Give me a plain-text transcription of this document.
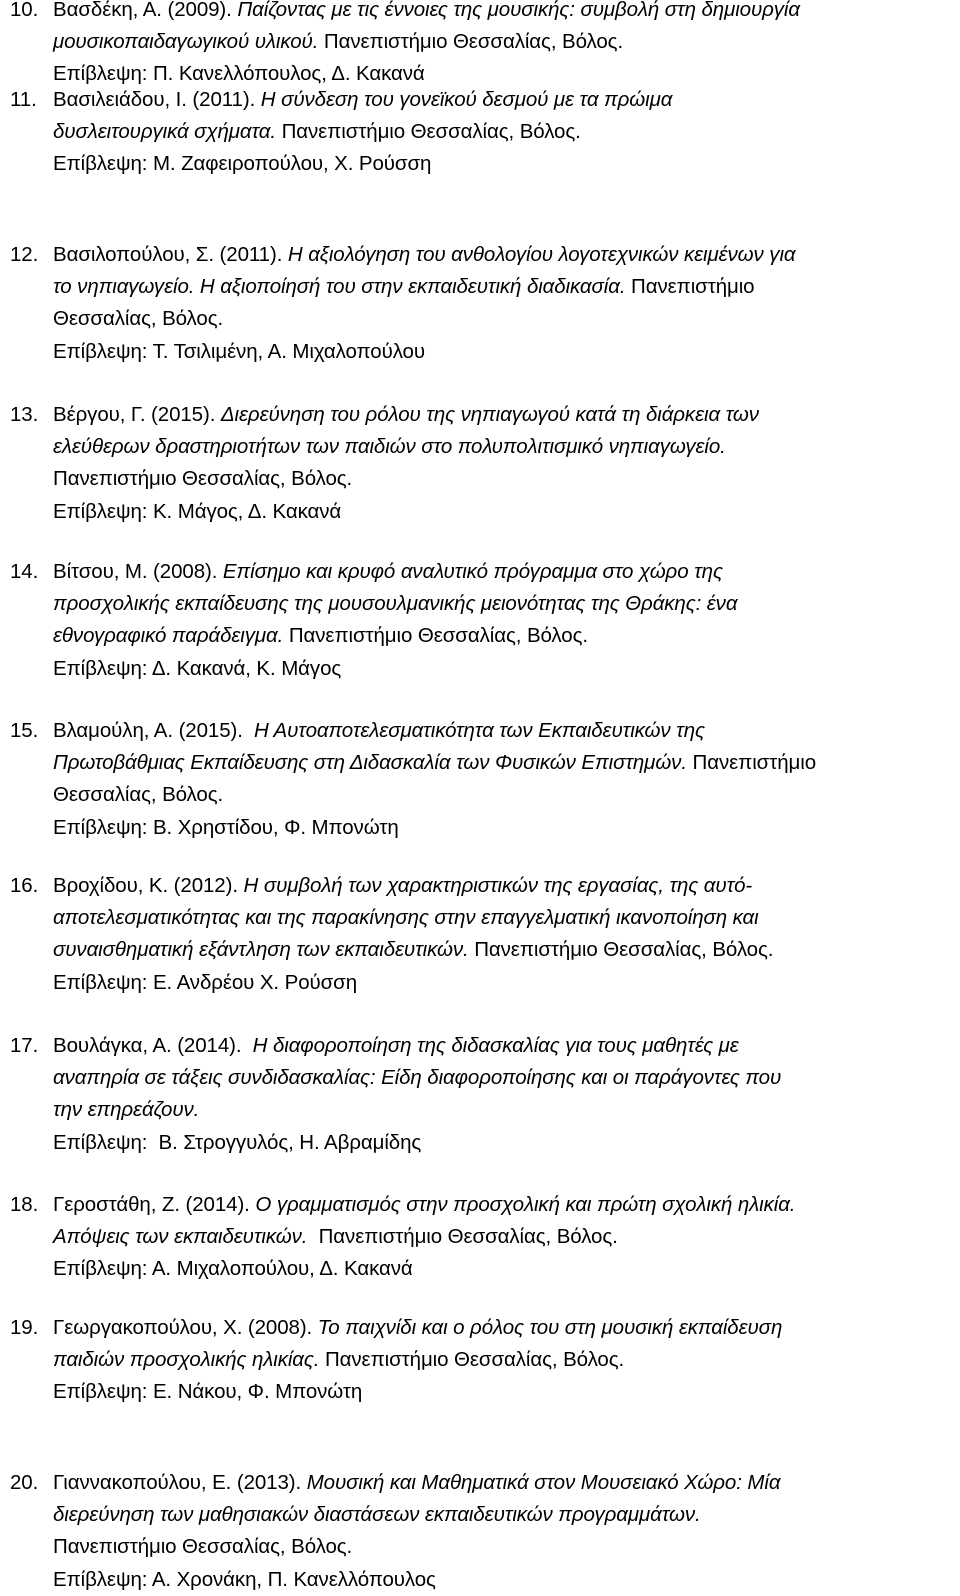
10. Βασδέκη, Α. (2009). Παίζοντας με τις έννοιες της μουσικής: συμβολή στη δημιουργία
μουσικοπαιδαγωγικού υλικού. Πανεπιστήμιο Θεσσαλίας, Βόλος.
Επίβλεψη: Π. Κανελλόπουλος, Δ. Κακανά
11. Βασιλειάδου, Ι. (2011). Η σύνδεση του γονεϊκού δεσμού με τα πρώιμα
δυσλειτουργικά σχήματα. Πανεπιστήμιο Θεσσαλίας, Βόλος.
Επίβλεψη: Μ. Ζαφειροπούλου, Χ. Ρούσση
12. Βασιλοπούλου, Σ. (2011). Η αξιολόγηση του ανθολογίου λογοτεχνικών κειμένων για
το νηπιαγωγείο. Η αξιοποίησή του στην εκπαιδευτική διαδικασία. Πανεπιστήμιο
Θεσσαλίας, Βόλος.
Επίβλεψη: Τ. Τσιλιμένη, Α. Μιχαλοπούλου
13. Βέργου, Γ. (2015). Διερεύνηση του ρόλου της νηπιαγωγού κατά τη διάρκεια των
ελεύθερων δραστηριοτήτων των παιδιών στο πολυπολιτισμικό νηπιαγωγείο.
Πανεπιστήμιο Θεσσαλίας, Βόλος.
Επίβλεψη: Κ. Μάγος, Δ. Κακανά
14. Βίτσου, Μ. (2008). Επίσημο και κρυφό αναλυτικό πρόγραμμα στο χώρο της
προσχολικής εκπαίδευσης της μουσουλμανικής μειονότητας της Θράκης: ένα
εθνογραφικό παράδειγμα. Πανεπιστήμιο Θεσσαλίας, Βόλος.
Επίβλεψη: Δ. Κακανά, Κ. Μάγος
15. Βλαμούλη, Α. (2015).  Η Αυτοαποτελεσματικότητα των Εκπαιδευτικών της
Πρωτοβάθμιας Εκπαίδευσης στη Διδασκαλία των Φυσικών Επιστημών. Πανεπιστήμιο
Θεσσαλίας, Βόλος.
Επίβλεψη: Β. Χρηστίδου, Φ. Μπονώτη
16. Βροχίδου, Κ. (2012). Η συμβολή των χαρακτηριστικών της εργασίας, της αυτό-
αποτελεσματικότητας και της παρακίνησης στην επαγγελματική ικανοποίηση και
συναισθηματική εξάντληση των εκπαιδευτικών. Πανεπιστήμιο Θεσσαλίας, Βόλος.
Επίβλεψη: Ε. Ανδρέου Χ. Ρούσση
17. Βουλάγκα, Α. (2014).  Η διαφοροποίηση της διδασκαλίας για τους μαθητές με
αναπηρία σε τάξεις συνδιδασκαλίας: Είδη διαφοροποίησης και οι παράγοντες που
την επηρεάζουν.
Επίβλεψη:  Β. Στρογγυλός, Η. Αβραμίδης
18. Γεροστάθη, Ζ. (2014). Ο γραμματισμός στην προσχολική και πρώτη σχολική ηλικία.
Απόψεις των εκπαιδευτικών.  Πανεπιστήμιο Θεσσαλίας, Βόλος.
Επίβλεψη: Α. Μιχαλοπούλου, Δ. Κακανά
19. Γεωργακοπούλου, Χ. (2008). Το παιχνίδι και ο ρόλος του στη μουσική εκπαίδευση
παιδιών προσχολικής ηλικίας. Πανεπιστήμιο Θεσσαλίας, Βόλος.
Επίβλεψη: Ε. Νάκου, Φ. Μπονώτη
20. Γιαννακοπούλου, Ε. (2013). Μουσική και Μαθηματικά στον Μουσειακό Χώρο: Μία
διερεύνηση των μαθησιακών διαστάσεων εκπαιδευτικών προγραμμάτων.
Πανεπιστήμιο Θεσσαλίας, Βόλος.
Επίβλεψη: Α. Χρονάκη, Π. Κανελλόπουλος
